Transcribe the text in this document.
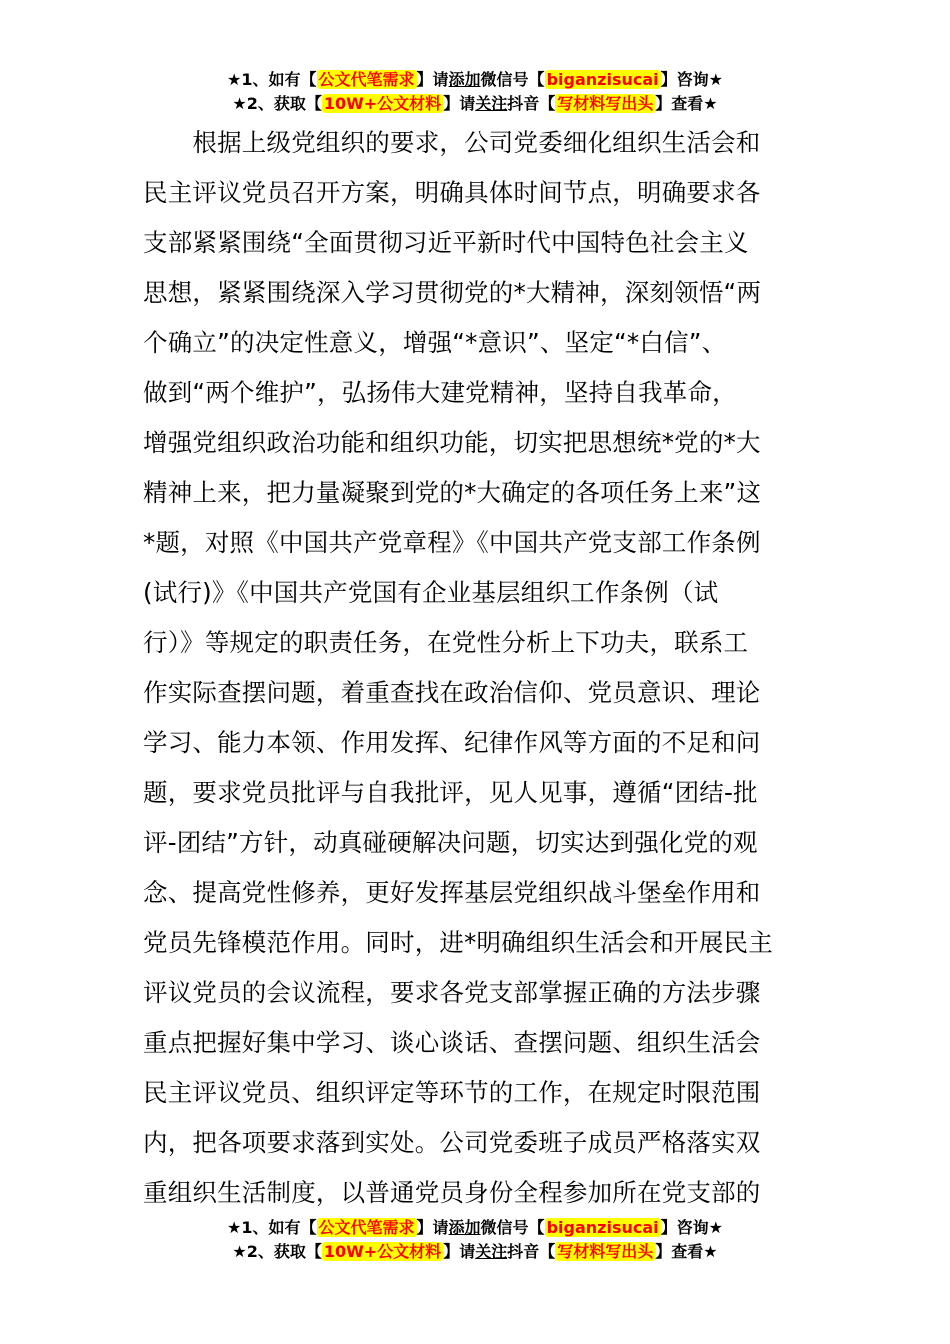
★1、如有【 公文代笔需求 】请添加微信号【 biganzisucai 】咨询★
★2、获取【 10W+公文材料 】请关注抖音【 写材料写出头 】查看★
　　根据上级党组织的要求，公司党委细化组织生活会和
民主评议党员召开方案，明确具体时间节点，明确要求各
支部紧紧围绕“全面贯彻习近平新时代中国特色社会主义
思想，紧紧围绕深入学习贯彻党的*大精神，深刻领悟“两
个确立”的决定性意义，增强“*意识”、坚定“*白信”、
做到“两个维护”，弘扬伟大建党精神，坚持自我革命，
增强党组织政治功能和组织功能，切实把思想统*党的*大
精神上来，把力量凝聚到党的*大确定的各项任务上来”这
*题，对照《中国共产党章程》《中国共产党支部工作条例
(试行)》《中国共产党国有企业基层组织工作条例（试
行）》等规定的职责任务，在党性分析上下功夫，联系工
作实际查摆问题，着重查找在政治信仰、党员意识、理论
学习、能力本领、作用发挥、纪律作风等方面的不足和问
题，要求党员批评与自我批评，见人见事，遵循“团结-批
评-团结”方针，动真碰硬解决问题，切实达到强化党的观
念、提高党性修养，更好发挥基层党组织战斗堡垒作用和
党员先锋模范作用。同时，进*明确组织生活会和开展民主
评议党员的会议流程，要求各党支部掌握正确的方法步骤
重点把握好集中学习、谈心谈话、查摆问题、组织生活会
民主评议党员、组织评定等环节的工作，在规定时限范围
内，把各项要求落到实处。公司党委班子成员严格落实双
重组织生活制度，以普通党员身份全程参加所在党支部的
★1、如有【 公文代笔需求 】请添加微信号【 biganzisucai 】咨询★
★2、获取【 10W+公文材料 】请关注抖音【 写材料写出头 】查看★
